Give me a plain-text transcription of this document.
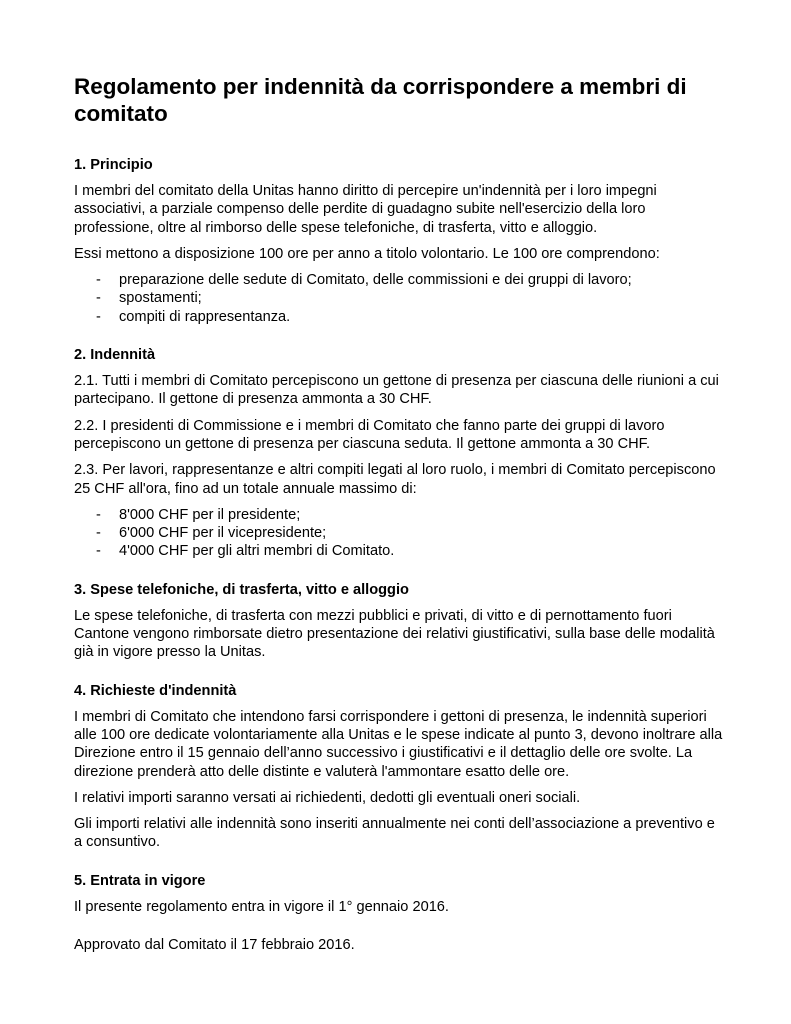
Regolamento per indennità da corrispondere a membri di comitato
1. Principio

I membri del comitato della Unitas hanno diritto di percepire un'indennità per i loro impegni associativi, a parziale compenso delle perdite di guadagno subite nell'esercizio della loro professione, oltre al rimborso delle spese telefoniche, di trasferta, vitto e alloggio.

Essi mettono a disposizione 100 ore per anno a titolo volontario. Le 100 ore comprendono:

- preparazione delle sedute di Comitato, delle commissioni e dei gruppi di lavoro;
- spostamenti;
- compiti di rappresentanza.
2. Indennità

2.1. Tutti i membri di Comitato percepiscono un gettone di presenza per ciascuna delle riunioni a cui partecipano. Il gettone di presenza ammonta a 30 CHF.

2.2. I presidenti di Commissione e i membri di Comitato che fanno parte dei gruppi di lavoro percepiscono un gettone di presenza per ciascuna seduta. Il gettone ammonta a 30 CHF.

2.3. Per lavori, rappresentanze e altri compiti legati al loro ruolo, i membri di Comitato percepiscono 25 CHF all'ora, fino ad un totale annuale massimo di:

- 8'000 CHF per il presidente;
- 6'000 CHF per il vicepresidente;
- 4'000 CHF per gli altri membri di Comitato.
3. Spese telefoniche, di trasferta, vitto e alloggio

Le spese telefoniche, di trasferta con mezzi pubblici e privati, di vitto e di pernottamento fuori Cantone vengono rimborsate dietro presentazione dei relativi giustificativi, sulla base delle modalità già in vigore presso la Unitas.

4. Richieste d'indennità

I membri di Comitato che intendono farsi corrispondere i gettoni di presenza, le indennità superiori alle 100 ore dedicate volontariamente alla Unitas e le spese indicate al punto 3, devono inoltrare alla Direzione entro il 15 gennaio dell’anno successivo i giustificativi e il dettaglio delle ore svolte. La direzione prenderà atto delle distinte e valuterà l'ammontare esatto delle ore.

I relativi importi saranno versati ai richiedenti, dedotti gli eventuali oneri sociali.

Gli importi relativi alle indennità sono inseriti annualmente nei conti dell’associazione a preventivo e a consuntivo.

5. Entrata in vigore

Il presente regolamento entra in vigore il 1° gennaio 2016.

Approvato dal Comitato il 17 febbraio 2016.
